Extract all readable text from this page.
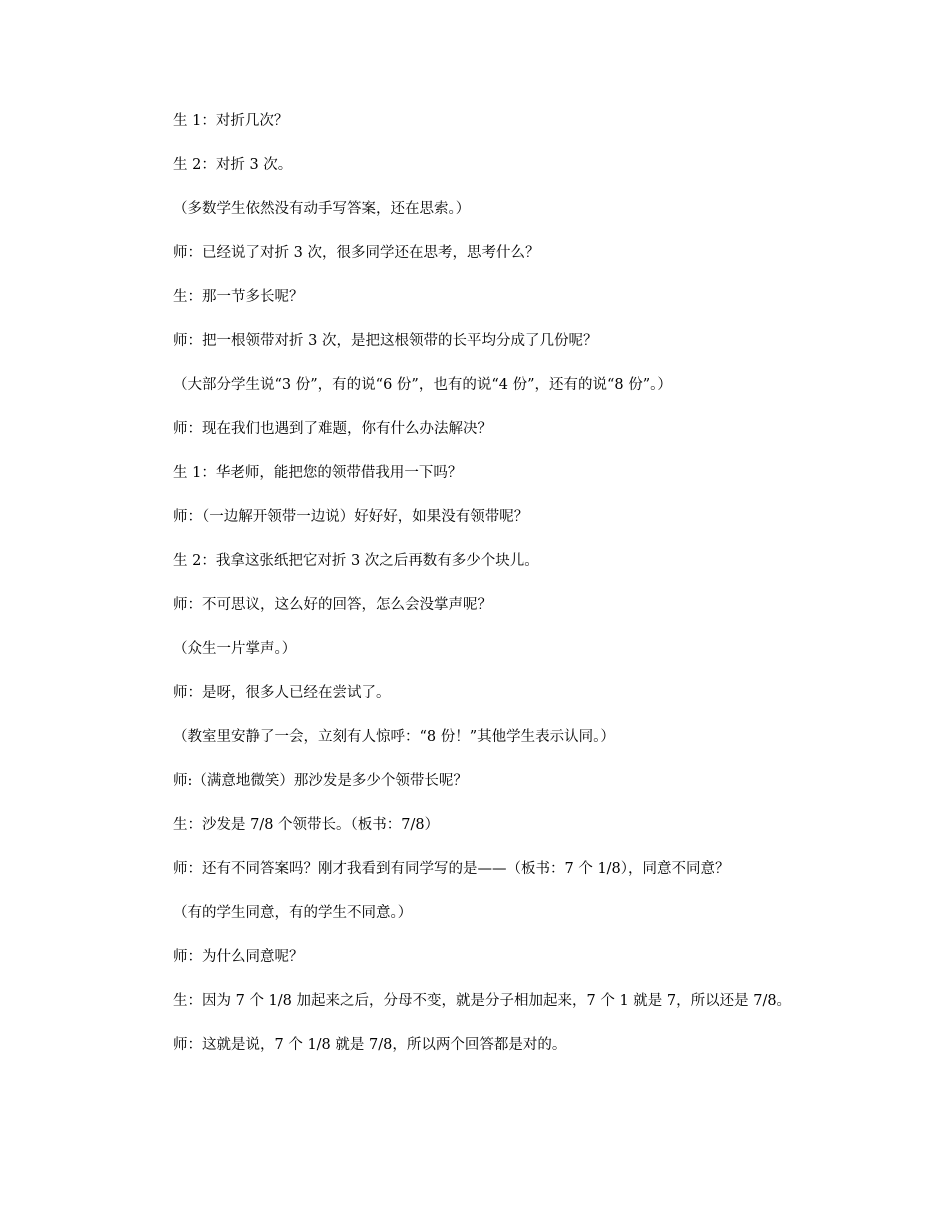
生 1：对折几次？

生 2：对折 3 次。

（多数学生依然没有动手写答案，还在思索。）

师：已经说了对折 3 次，很多同学还在思考，思考什么？

生：那一节多长呢？

师：把一根领带对折 3 次，是把这根领带的长平均分成了几份呢？

（大部分学生说“3 份”，有的说“6 份”，也有的说“4 份”，还有的说“8 份”。）

师：现在我们也遇到了难题，你有什么办法解决？

生 1：华老师，能把您的领带借我用一下吗？

师：（一边解开领带一边说）好好好，如果没有领带呢？

生 2：我拿这张纸把它对折 3 次之后再数有多少个块儿。

师：不可思议，这么好的回答，怎么会没掌声呢？

（众生一片掌声。）

师：是呀，很多人已经在尝试了。

（教室里安静了一会，立刻有人惊呼：“8 份！”其他学生表示认同。）

师:（满意地微笑）那沙发是多少个领带长呢？

生：沙发是 7/8 个领带长。（板书：7/8）

师：还有不同答案吗？刚才我看到有同学写的是——（板书：7 个 1/8），同意不同意？

（有的学生同意，有的学生不同意。）

师：为什么同意呢？

生：因为 7 个 1/8 加起来之后，分母不变，就是分子相加起来，7 个 1 就是 7，所以还是 7/8。

师：这就是说，7 个 1/8 就是 7/8，所以两个回答都是对的。
